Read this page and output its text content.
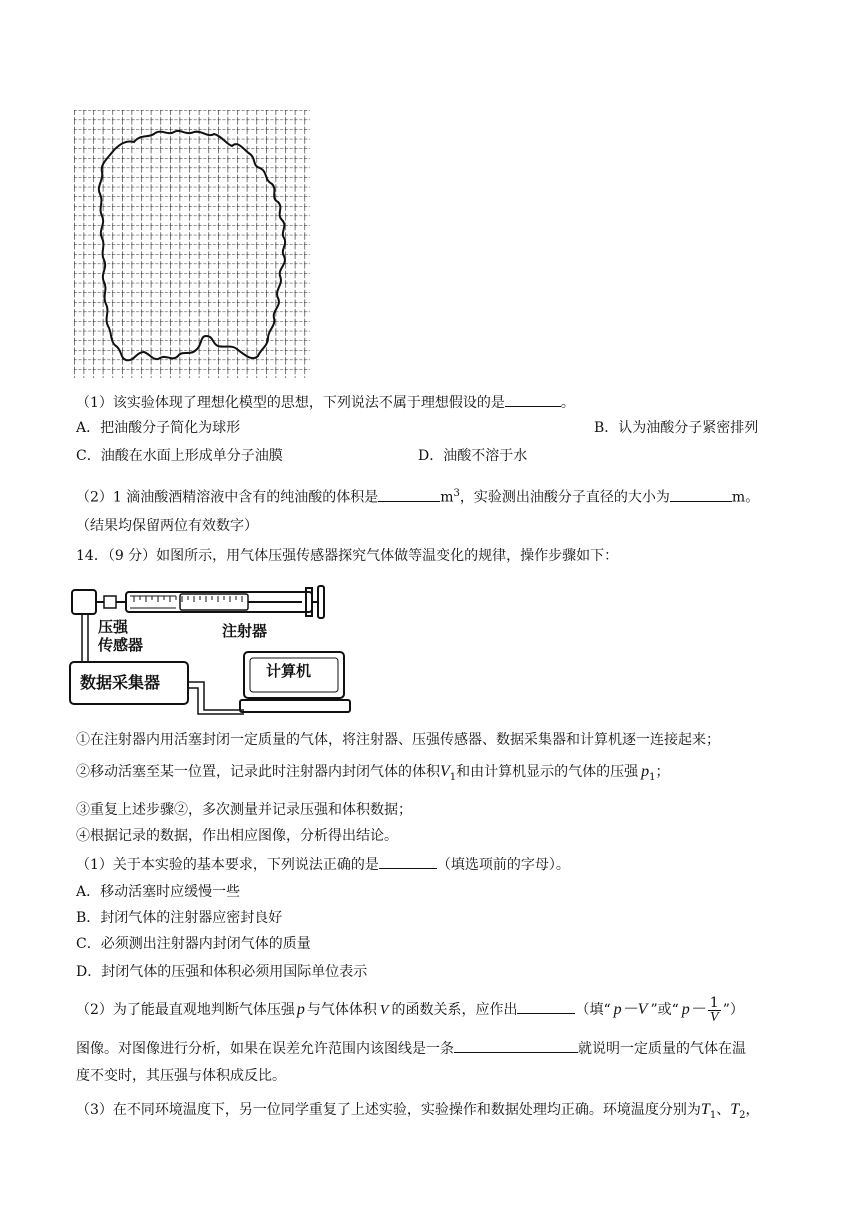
（1）该实验体现了理想化模型的思想，下列说法不属于理想假设的是	。
A．把油酸分子简化为球形	B．认为油酸分子紧密排列
C．油酸在水面上形成单分子油膜	D．油酸不溶于水
（2）1 滴油酸酒精溶液中含有的纯油酸的体积是	$m^3$，实验测出油酸分子直径的大小为	m。
（结果均保留两位有效数字）
14．（9 分）如图所示，用气体压强传感器探究气体做等温变化的规律，操作步骤如下：
压强
传感器
注射器
数据采集器
计算机
①在注射器内用活塞封闭一定质量的气体，将注射器、压强传感器、数据采集器和计算机逐一连接起来；
②移动活塞至某一位置，记录此时注射器内封闭气体的体积$V_1$和由计算机显示的气体的压强 $p_1$；
③重复上述步骤②，多次测量并记录压强和体积数据；
④根据记录的数据，作出相应图像，分析得出结论。
（1）关于本实验的基本要求，下列说法正确的是	（填选项前的字母）。
A．移动活塞时应缓慢一些
B．封闭气体的注射器应密封良好
C．必须测出注射器内封闭气体的质量
D．封闭气体的压强和体积必须用国际单位表示
（2）为了能最直观地判断气体压强 p 与气体体积 V 的函数关系，应作出	（填“ p－V ”或“ $p- \frac{1}{V}$ ”）
图像。对图像进行分析，如果在误差允许范围内该图线是一条	就说明一定质量的气体在温
度不变时，其压强与体积成反比。
（3）在不同环境温度下，另一位同学重复了上述实验，实验操作和数据处理均正确。环境温度分别为$T_1$、$T_2$，
